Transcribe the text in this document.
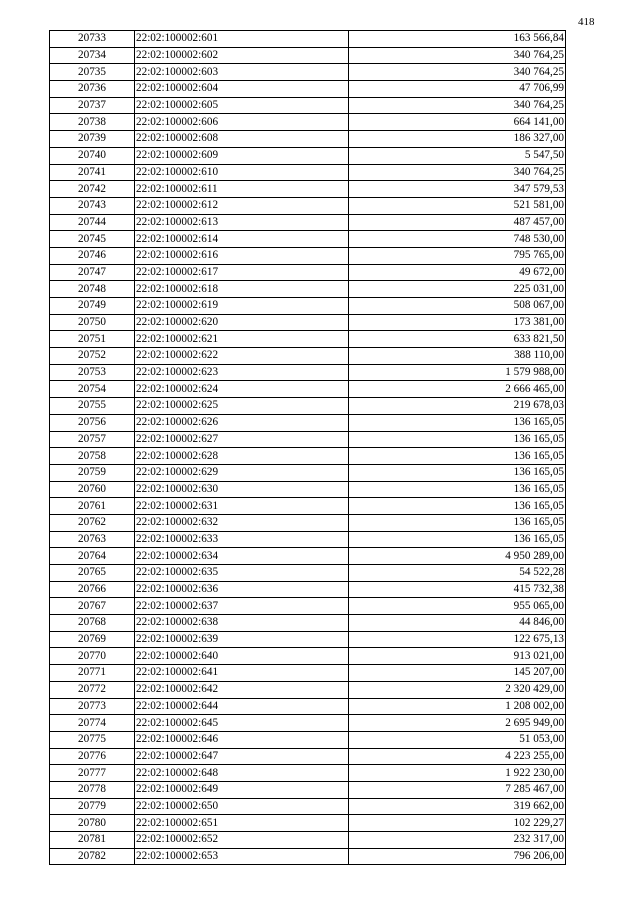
418
20733	22:02:100002:601	163 566,84
20734	22:02:100002:602	340 764,25
20735	22:02:100002:603	340 764,25
20736	22:02:100002:604	47 706,99
20737	22:02:100002:605	340 764,25
20738	22:02:100002:606	664 141,00
20739	22:02:100002:608	186 327,00
20740	22:02:100002:609	5 547,50
20741	22:02:100002:610	340 764,25
20742	22:02:100002:611	347 579,53
20743	22:02:100002:612	521 581,00
20744	22:02:100002:613	487 457,00
20745	22:02:100002:614	748 530,00
20746	22:02:100002:616	795 765,00
20747	22:02:100002:617	49 672,00
20748	22:02:100002:618	225 031,00
20749	22:02:100002:619	508 067,00
20750	22:02:100002:620	173 381,00
20751	22:02:100002:621	633 821,50
20752	22:02:100002:622	388 110,00
20753	22:02:100002:623	1 579 988,00
20754	22:02:100002:624	2 666 465,00
20755	22:02:100002:625	219 678,03
20756	22:02:100002:626	136 165,05
20757	22:02:100002:627	136 165,05
20758	22:02:100002:628	136 165,05
20759	22:02:100002:629	136 165,05
20760	22:02:100002:630	136 165,05
20761	22:02:100002:631	136 165,05
20762	22:02:100002:632	136 165,05
20763	22:02:100002:633	136 165,05
20764	22:02:100002:634	4 950 289,00
20765	22:02:100002:635	54 522,28
20766	22:02:100002:636	415 732,38
20767	22:02:100002:637	955 065,00
20768	22:02:100002:638	44 846,00
20769	22:02:100002:639	122 675,13
20770	22:02:100002:640	913 021,00
20771	22:02:100002:641	145 207,00
20772	22:02:100002:642	2 320 429,00
20773	22:02:100002:644	1 208 002,00
20774	22:02:100002:645	2 695 949,00
20775	22:02:100002:646	51 053,00
20776	22:02:100002:647	4 223 255,00
20777	22:02:100002:648	1 922 230,00
20778	22:02:100002:649	7 285 467,00
20779	22:02:100002:650	319 662,00
20780	22:02:100002:651	102 229,27
20781	22:02:100002:652	232 317,00
20782	22:02:100002:653	796 206,00
